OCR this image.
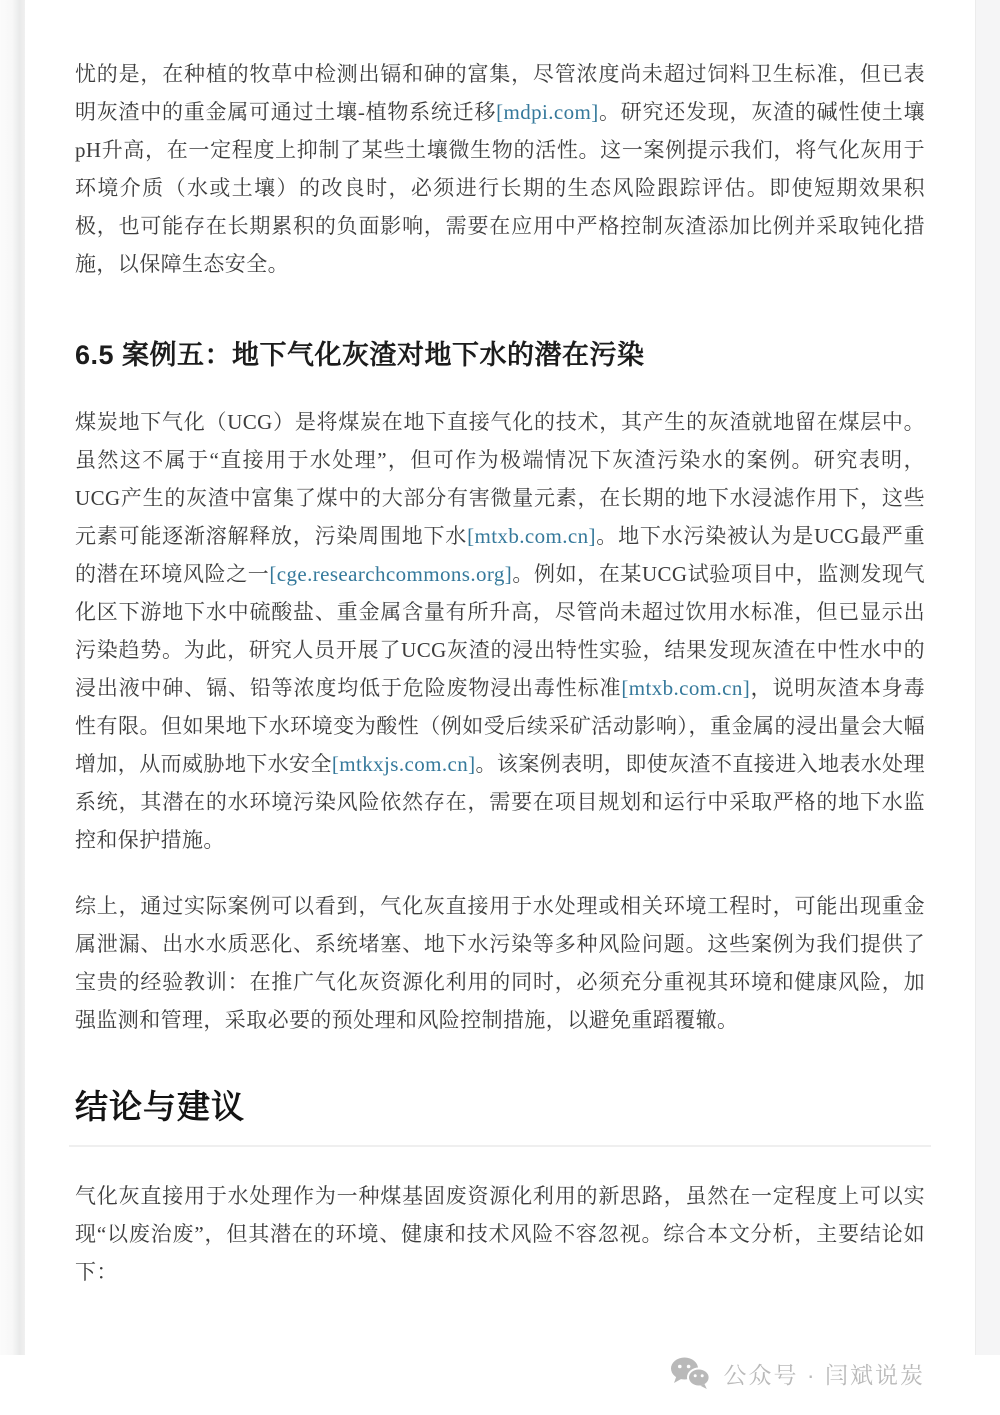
忧的是，在种植的牧草中检测出镉和砷的富集，尽管浓度尚未超过饲料卫生标准，但已表明灰渣中的重金属可通过土壤-植物系统迁移[mdpi.com]。研究还发现，灰渣的碱性使土壤pH升高，在一定程度上抑制了某些土壤微生物的活性。这一案例提示我们，将气化灰用于环境介质（水或土壤）的改良时，必须进行长期的生态风险跟踪评估。即使短期效果积极，也可能存在长期累积的负面影响，需要在应用中严格控制灰渣添加比例并采取钝化措施，以保障生态安全。

6.5 案例五：地下气化灰渣对地下水的潜在污染

煤炭地下气化（UCG）是将煤炭在地下直接气化的技术，其产生的灰渣就地留在煤层中。虽然这不属于“直接用于水处理”，但可作为极端情况下灰渣污染水的案例。研究表明，UCG产生的灰渣中富集了煤中的大部分有害微量元素，在长期的地下水浸滤作用下，这些元素可能逐渐溶解释放，污染周围地下水[mtxb.com.cn]。地下水污染被认为是UCG最严重的潜在环境风险之一[cge.researchcommons.org]。例如，在某UCG试验项目中，监测发现气化区下游地下水中硫酸盐、重金属含量有所升高，尽管尚未超过饮用水标准，但已显示出污染趋势。为此，研究人员开展了UCG灰渣的浸出特性实验，结果发现灰渣在中性水中的浸出液中砷、镉、铅等浓度均低于危险废物浸出毒性标准[mtxb.com.cn]，说明灰渣本身毒性有限。但如果地下水环境变为酸性（例如受后续采矿活动影响），重金属的浸出量会大幅增加，从而威胁地下水安全[mtkxjs.com.cn]。该案例表明，即使灰渣不直接进入地表水处理系统，其潜在的水环境污染风险依然存在，需要在项目规划和运行中采取严格的地下水监控和保护措施。

综上，通过实际案例可以看到，气化灰直接用于水处理或相关环境工程时，可能出现重金属泄漏、出水水质恶化、系统堵塞、地下水污染等多种风险问题。这些案例为我们提供了宝贵的经验教训：在推广气化灰资源化利用的同时，必须充分重视其环境和健康风险，加强监测和管理，采取必要的预处理和风险控制措施，以避免重蹈覆辙。

结论与建议

气化灰直接用于水处理作为一种煤基固废资源化利用的新思路，虽然在一定程度上可以实现“以废治废”，但其潜在的环境、健康和技术风险不容忽视。综合本文分析，主要结论如下：

公众号 · 闫斌说炭
